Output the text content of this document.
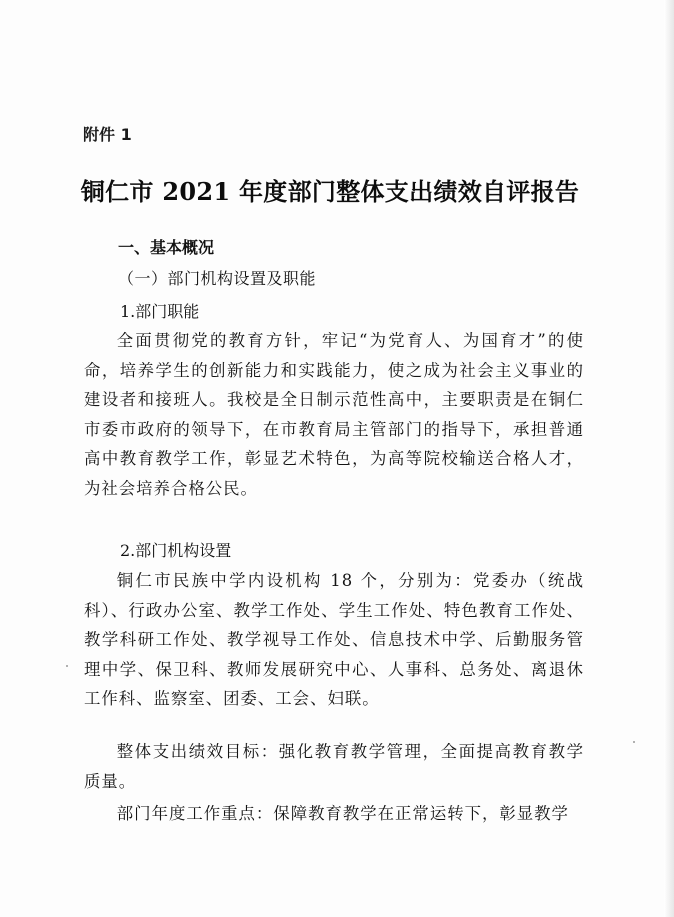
附件 1
铜仁市 2021 年度部门整体支出绩效自评报告
一、基本概况
（一）部门机构设置及职能
1.部门职能

全面贯彻党的教育方针，牢记“为党育人、为国育才”的使命，培养学生的创新能力和实践能力，使之成为社会主义事业的建设者和接班人。我校是全日制示范性高中，主要职责是在铜仁市委市政府的领导下，在市教育局主管部门的指导下，承担普通高中教育教学工作，彰显艺术特色，为高等院校输送合格人才，为社会培养合格公民。

2.部门机构设置

铜仁市民族中学内设机构 18 个，分别为：党委办（统战科）、行政办公室、教学工作处、学生工作处、特色教育工作处、教学科研工作处、教学视导工作处、信息技术中学、后勤服务管理中学、保卫科、教师发展研究中心、人事科、总务处、离退休工作科、监察室、团委、工会、妇联。

整体支出绩效目标：强化教育教学管理，全面提高教育教学质量。

部门年度工作重点：保障教育教学在正常运转下，彰显教学
